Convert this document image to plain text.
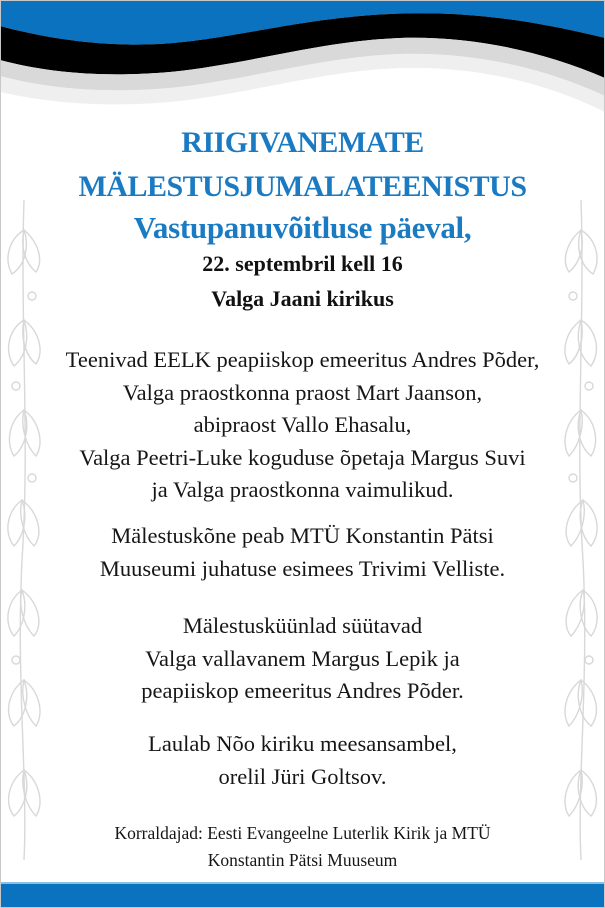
RIIGIVANEMATE
MÄLESTUSJUMALATEENISTUS
Vastupanuvõitluse päeval,
22. septembril kell 16
Valga Jaani kirikus
Teenivad EELK peapiiskop emeeritus Andres Põder,
Valga praostkonna praost Mart Jaanson,
abipraost Vallo Ehasalu,
Valga Peetri-Luke koguduse õpetaja Margus Suvi
ja Valga praostkonna vaimulikud.
Mälestuskõne peab MTÜ Konstantin Pätsi
Muuseumi juhatuse esimees Trivimi Velliste.
Mälestusküünlad süütavad
Valga vallavanem Margus Lepik ja
peapiiskop emeeritus Andres Põder.
Laulab Nõo kiriku meesansambel,
orelil Jüri Goltsov.
Korraldajad: Eesti Evangeelne Luterlik Kirik ja MTÜ
Konstantin Pätsi Muuseum
